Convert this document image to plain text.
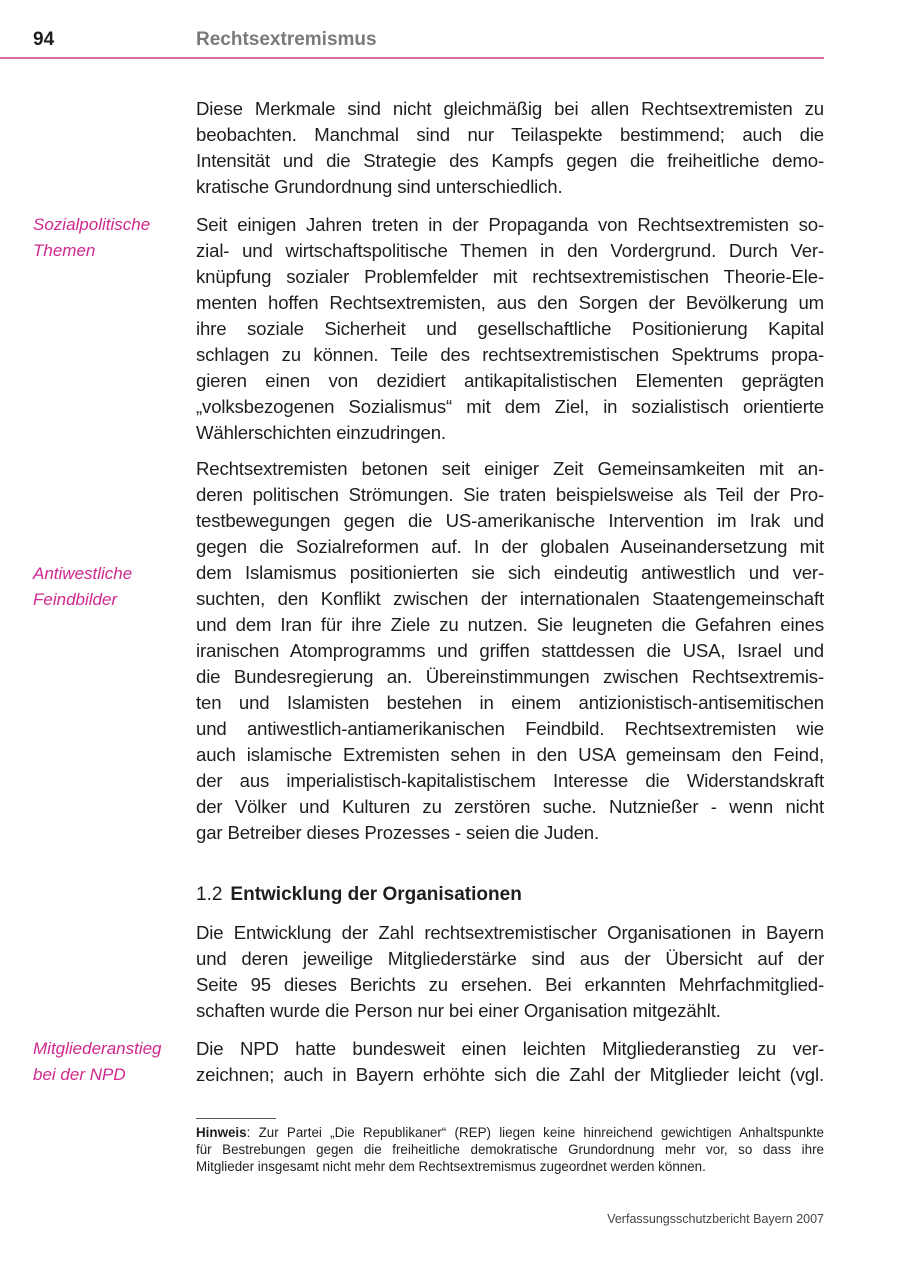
94	Rechtsextremismus
Diese Merkmale sind nicht gleichmäßig bei allen Rechtsextremisten zu
beobachten. Manchmal sind nur Teilaspekte bestimmend; auch die
Intensität und die Strategie des Kampfs gegen die freiheitliche demo-
kratische Grundordnung sind unterschiedlich.
Sozialpolitische
Themen
Seit einigen Jahren treten in der Propaganda von Rechtsextremisten so-
zial- und wirtschaftspolitische Themen in den Vordergrund. Durch Ver-
knüpfung sozialer Problemfelder mit rechtsextremistischen Theorie-Ele-
menten hoffen Rechtsextremisten, aus den Sorgen der Bevölkerung um
ihre soziale Sicherheit und gesellschaftliche Positionierung Kapital
schlagen zu können. Teile des rechtsextremistischen Spektrums propa-
gieren einen von dezidiert antikapitalistischen Elementen geprägten
„volksbezogenen Sozialismus“ mit dem Ziel, in sozialistisch orientierte
Wählerschichten einzudringen.
Rechtsextremisten betonen seit einiger Zeit Gemeinsamkeiten mit an-
deren politischen Strömungen. Sie traten beispielsweise als Teil der Pro-
testbewegungen gegen die US-amerikanische Intervention im Irak und
gegen die Sozialreformen auf. In der globalen Auseinandersetzung mit
dem Islamismus positionierten sie sich eindeutig antiwestlich und ver-
suchten, den Konflikt zwischen der internationalen Staatengemeinschaft
und dem Iran für ihre Ziele zu nutzen. Sie leugneten die Gefahren eines
iranischen Atomprogramms und griffen stattdessen die USA, Israel und
die Bundesregierung an. Übereinstimmungen zwischen Rechtsextremis-
ten und Islamisten bestehen in einem antizionistisch-antisemitischen
und antiwestlich-antiamerikanischen Feindbild. Rechtsextremisten wie
auch islamische Extremisten sehen in den USA gemeinsam den Feind,
der aus imperialistisch-kapitalistischem Interesse die Widerstandskraft
der Völker und Kulturen zu zerstören suche. Nutznießer - wenn nicht
gar Betreiber dieses Prozesses - seien die Juden.
Antiwestliche
Feindbilder
1.2 Entwicklung der Organisationen
Die Entwicklung der Zahl rechtsextremistischer Organisationen in Bayern
und deren jeweilige Mitgliederstärke sind aus der Übersicht auf der
Seite 95 dieses Berichts zu ersehen. Bei erkannten Mehrfachmitglied-
schaften wurde die Person nur bei einer Organisation mitgezählt.
Mitgliederanstieg
bei der NPD
Die NPD hatte bundesweit einen leichten Mitgliederanstieg zu ver-
zeichnen; auch in Bayern erhöhte sich die Zahl der Mitglieder leicht (vgl.
Hinweis: Zur Partei „Die Republikaner“ (REP) liegen keine hinreichend gewichtigen Anhaltspunkte
für Bestrebungen gegen die freiheitliche demokratische Grundordnung mehr vor, so dass ihre
Mitglieder insgesamt nicht mehr dem Rechtsextremismus zugeordnet werden können.
Verfassungsschutzbericht Bayern 2007
